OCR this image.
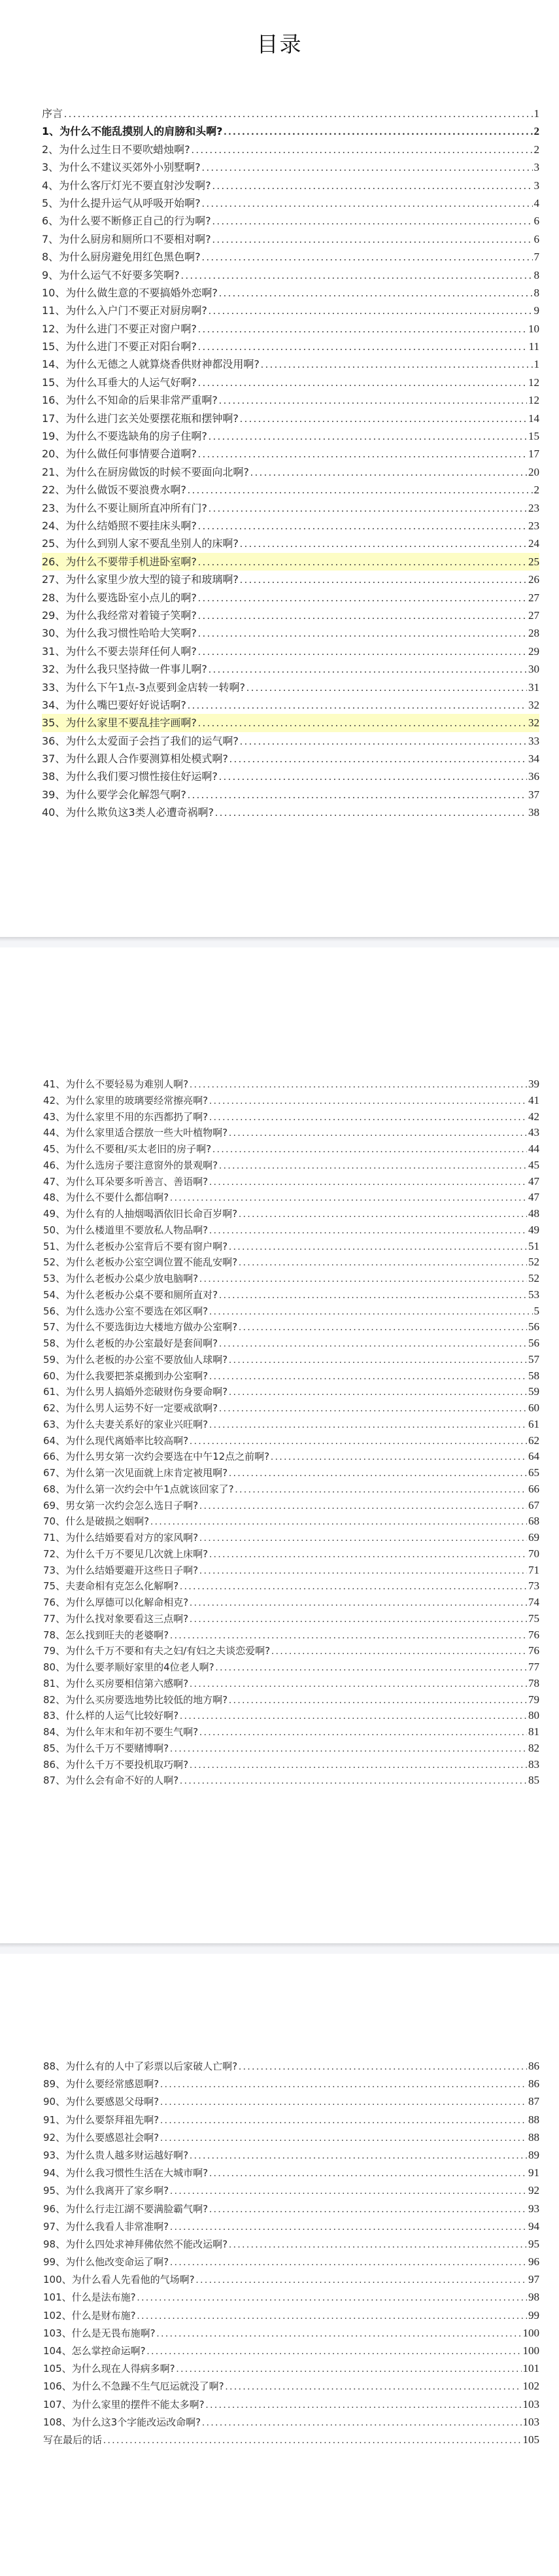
目录
序言 .....	1
1、为什么不能乱摸别人的肩膀和头啊? .....	2
2、为什么过生日不要吹蜡烛啊? .....	2
3、为什么不建议买郊外小别墅啊? .....	3
4、为什么客厅灯光不要直射沙发啊? .....	3
5、为什么提升运气从呼吸开始啊? .....	4
6、为什么要不断修正自己的行为啊? .....	6
7、为什么厨房和厕所口不要相对啊? .....	6
8、为什么厨房避免用红色黑色啊? .....	7
9、为什么运气不好要多笑啊? .....	8
10、为什么做生意的不要搞婚外恋啊? .....	8
11、为什么入户门不要正对厨房啊? .....	9
12、为什么进门不要正对窗户啊? .....	10
15、为什么进门不要正对阳台啊? .....	11
14、为什么无德之人就算烧香供财神都没用啊? .....	1
15、为什么耳垂大的人运气好啊? .....	12
16、为什么不知命的后果非常严重啊? .....	12
17、为什么进门玄关处要摆花瓶和摆钟啊? .....	14
19、为什么不要选缺角的房子住啊? .....	15
20、为什么做任何事情要合道啊? .....	17
21、为什么在厨房做饭的时候不要面向北啊? .....	20
22、为什么做饭不要浪费水啊? .....	2
23、为什么不要让厕所直冲所有门? .....	23
24、为什么结婚照不要挂床头啊? .....	23
25、为什么到别人家不要乱坐别人的床啊? .....	24
26、为什么不要带手机进卧室啊? .....	25
27、为什么家里少放大型的镜子和玻璃啊? .....	26
28、为什么要选卧室小点儿的啊? .....	27
29、为什么我经常对着镜子笑啊? .....	27
30、为什么我习惯性哈哈大笑啊? .....	28
31、为什么不要去崇拜任何人啊? .....	29
32、为什么我只坚持做一件事儿啊? .....	30
33、为什么下午1点-3点要到金店转一转啊? .....	31
34、为什么嘴巴要好好说话啊? .....	32
35、为什么家里不要乱挂字画啊? .....	32
36、为什么太爱面子会挡了我们的运气啊? .....	33
37、为什么跟人合作要测算相处模式啊? .....	34
38、为什么我们要习惯性接住好运啊? .....	36
39、为什么要学会化解怨气啊? .....	37
40、为什么欺负这3类人必遭奇祸啊? .....	38
41、为什么不要轻易为难别人啊? .....	39
42、为什么家里的玻璃要经常擦亮啊? .....	41
43、为什么家里不用的东西都扔了啊? .....	42
44、为什么家里适合摆放一些大叶植物啊? .....	43
45、为什么不要租/买太老旧的房子啊? .....	44
46、为什么选房子要注意窗外的景观啊? .....	45
47、为什么耳朵要多听善言、善语啊? .....	47
48、为什么不要什么都信啊? .....	47
49、为什么有的人抽烟喝酒依旧长命百岁啊? .....	48
50、为什么楼道里不要放私人物品啊? .....	49
51、为什么老板办公室背后不要有窗户啊? .....	51
52、为什么老板办公室空调位置不能乱安啊? .....	52
53、为什么老板办公桌少放电脑啊? .....	52
54、为什么老板办公桌不要和厕所直对? .....	53
56、为什么选办公室不要选在郊区啊? .....	5
57、为什么不要选街边大楼地方做办公室啊? .....	56
58、为什么老板的办公室最好是套间啊? .....	56
59、为什么老板的办公室不要放仙人球啊? .....	57
60、为什么我要把茶桌搬到办公室啊? .....	58
61、为什么男人搞婚外恋破财伤身要命啊? .....	59
62、为什么男人运势不好一定要戒欲啊? .....	60
63、为什么夫妻关系好的家业兴旺啊? .....	61
64、为什么现代离婚率比较高啊? .....	62
66、为什么男女第一次约会要选在中午12点之前啊? .....	64
67、为什么第一次见面就上床肯定被甩啊? .....	65
68、为什么第一次约会中午1点就该回家了? .....	66
69、男女第一次约会怎么选日子啊? .....	67
70、什么是破损之姻啊? .....	68
71、为什么结婚要看对方的家风啊? .....	69
72、为什么千万不要见几次就上床啊? .....	70
73、为什么结婚要避开这些日子啊? .....	71
75、夫妻命相有克怎么化解啊? .....	73
76、为什么厚德可以化解命相克? .....	74
77、为什么找对象要看这三点啊? .....	75
78、怎么找到旺夫的老婆啊? .....	76
79、为什么千万不要和有夫之妇/有妇之夫谈恋爱啊? .....	76
80、为什么要孝顺好家里的4位老人啊? .....	77
81、为什么买房要相信第六感啊? .....	78
82、为什么买房要选地势比较低的地方啊? .....	79
83、什么样的人运气比较好啊? .....	80
84、为什么年末和年初不要生气啊? .....	81
85、为什么千万不要赌博啊? .....	82
86、为什么千万不要投机取巧啊? .....	83
87、为什么会有命不好的人啊? .....	85
88、为什么有的人中了彩票以后家破人亡啊? .....	86
89、为什么要经常感恩啊? .....	86
90、为什么要感恩父母啊? .....	87
91、为什么要祭拜祖先啊? .....	88
92、为什么要感恩社会啊? .....	88
93、为什么贵人越多财运越好啊? .....	89
94、为什么我习惯性生活在大城市啊? .....	91
95、为什么我离开了家乡啊? .....	92
96、为什么行走江湖不要满脸霸气啊? .....	93
97、为什么我看人非常准啊? .....	94
98、为什么四处求神拜佛依然不能改运啊? .....	95
99、为什么他改变命运了啊? .....	96
100、为什么看人先看他的气场啊? .....	97
101、什么是法布施? .....	98
102、什么是财布施? .....	99
103、什么是无畏布施啊? .....	100
104、怎么掌控命运啊? .....	100
105、为什么现在人得病多啊? .....	101
106、为什么不急躁不生气厄运就没了啊? .....	102
107、为什么家里的摆件不能太多啊? .....	103
108、为什么这3个字能改运改命啊? .....	103
写在最后的话 .....	105
